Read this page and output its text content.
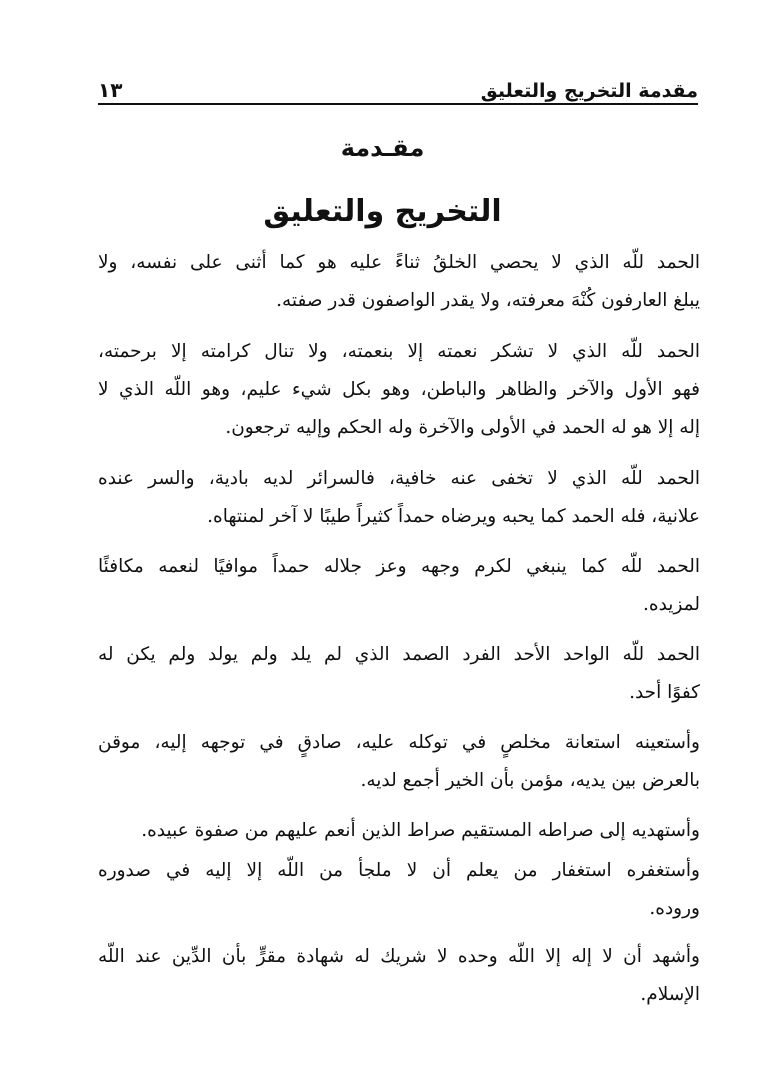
مقدمة التخريج والتعليق
١٣
مقـدمة
التخريج والتعليق

الحمد للّه الذي لا يحصي الخلقُ ثناءً عليه هو كما أثنى على نفسه، ولا
يبلغ العارفون كُنْهَ معرفته، ولا يقدر الواصفون قدر صفته.

الحمد للّه الذي لا تشكر نعمته إلا بنعمته، ولا تنال كرامته إلا برحمته،
فهو الأول والآخر والظاهر والباطن، وهو بكل شيء عليم، وهو اللّه الذي لا
إله إلا هو له الحمد في الأولى والآخرة وله الحكم وإليه ترجعون.

الحمد للّه الذي لا تخفى عنه خافية، فالسرائر لديه بادية، والسر عنده
علانية، فله الحمد كما يحبه ويرضاه حمداً كثيراً طيبًا لا آخر لمنتهاه.

الحمد للّه كما ينبغي لكرم وجهه وعز جلاله حمداً موافيًا لنعمه مكافئًا
لمزيده.

الحمد للّه الواحد الأحد الفرد الصمد الذي لم يلد ولم يولد ولم يكن له
كفوًا أحد.

وأستعينه استعانة مخلصٍ في توكله عليه، صادقٍ في توجهه إليه، موقن
بالعرض بين يديه، مؤمن بأن الخير أجمع لديه.

وأستهديه إلى صراطه المستقيم صراط الذين أنعم عليهم من صفوة عبيده.

وأستغفره استغفار من يعلم أن لا ملجأ من اللّه إلا إليه في صدوره
وروده.

وأشهد أن لا إله إلا اللّه وحده لا شريك له شهادة مقرٍّ بأن الدِّين عند اللّه
الإسلام.
